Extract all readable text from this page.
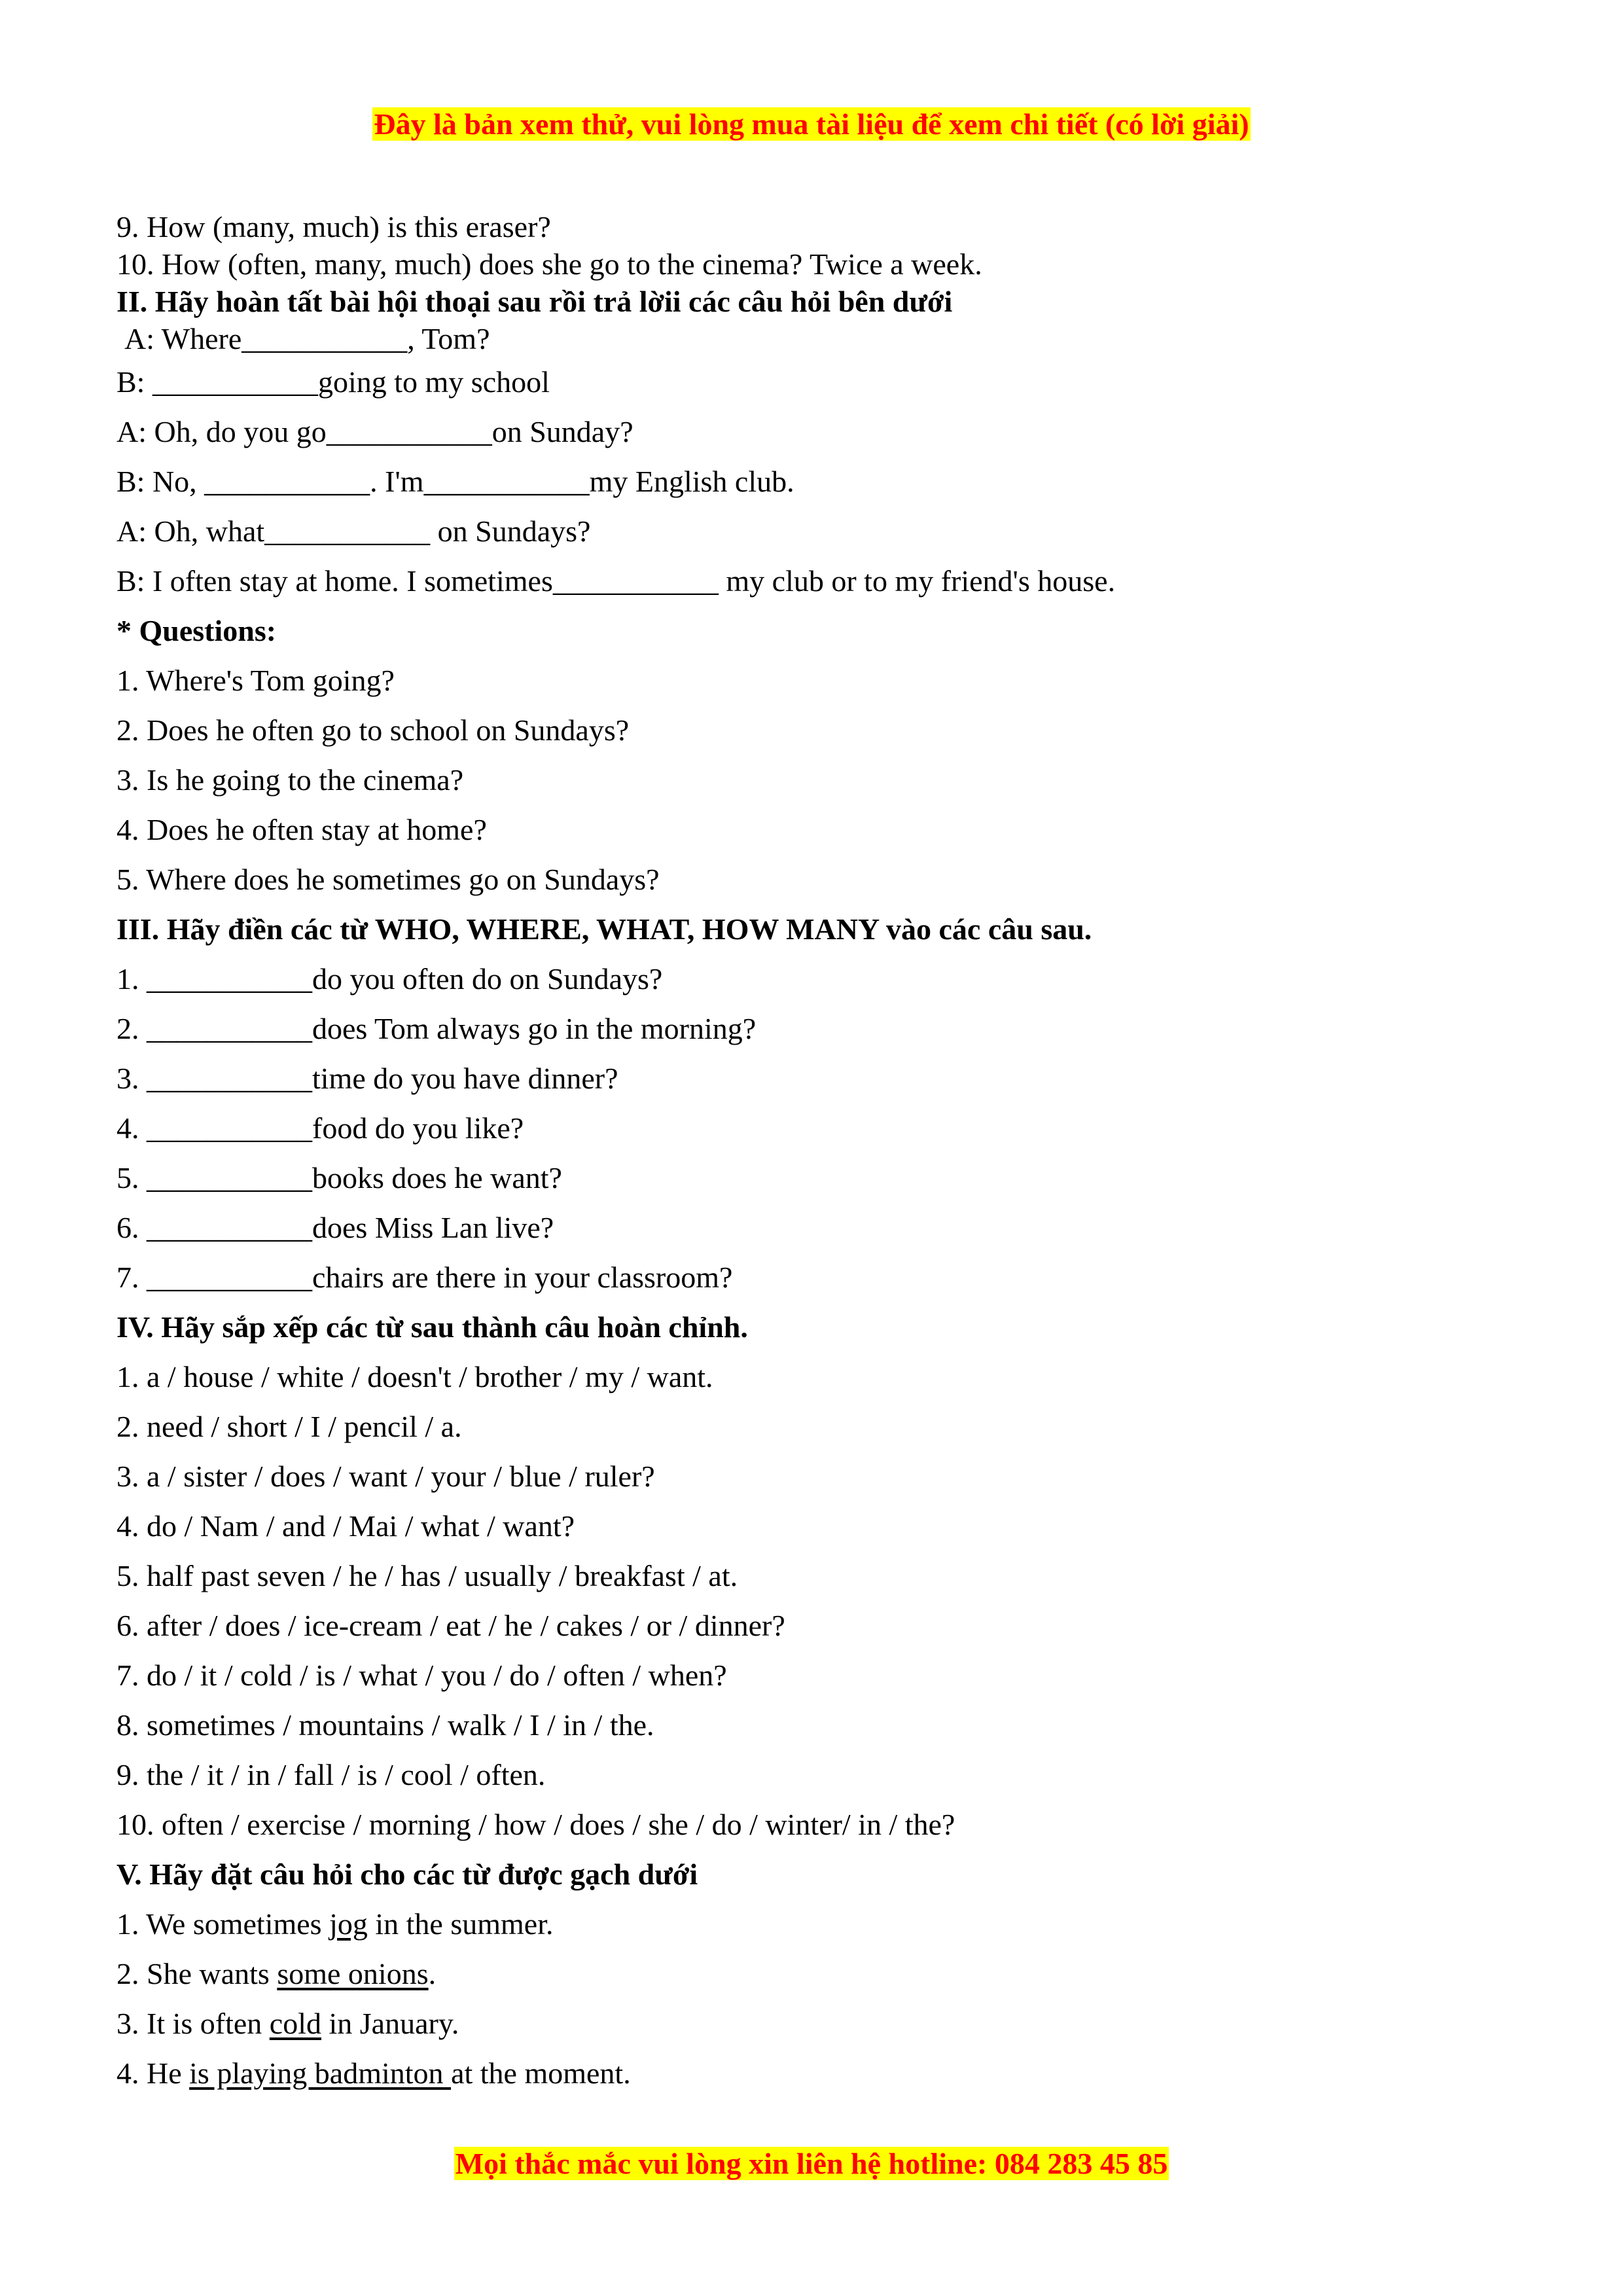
Đây là bản xem thử, vui lòng mua tài liệu để xem chi tiết (có lời giải)
9. How (many, much) is this eraser?
10. How (often, many, much) does she go to the cinema? Twice a week.
II. Hãy hoàn tất bài hội thoại sau rồi trả lờii các câu hỏi bên dưới
A: Where___________, Tom?
B: ___________going to my school
A: Oh, do you go___________on Sunday?
B: No, ___________. I'm___________my English club.
A: Oh, what___________ on Sundays?
B: I often stay at home. I sometimes___________ my club or to my friend's house.
* Questions:
1. Where's Tom going?
2. Does he often go to school on Sundays?
3. Is he going to the cinema?
4. Does he often stay at home?
5. Where does he sometimes go on Sundays?
III. Hãy điền các từ WHO, WHERE, WHAT, HOW MANY vào các câu sau.
1. ___________do you often do on Sundays?
2. ___________does Tom always go in the morning?
3. ___________time do you have dinner?
4. ___________food do you like?
5. ___________books does he want?
6. ___________does Miss Lan live?
7. ___________chairs are there in your classroom?
IV. Hãy sắp xếp các từ sau thành câu hoàn chỉnh.
1. a / house / white / doesn't / brother / my / want.
2. need / short / I / pencil / a.
3. a / sister / does / want / your / blue / ruler?
4. do / Nam / and / Mai / what / want?
5. half past seven / he / has / usually / breakfast / at.
6. after / does / ice-cream / eat / he / cakes / or / dinner?
7. do / it / cold / is / what / you / do / often / when?
8. sometimes / mountains / walk / I / in / the.
9. the / it / in / fall / is / cool / often.
10. often / exercise / morning / how / does / she / do / winter/ in / the?
V. Hãy đặt câu hỏi cho các từ được gạch dưới
1. We sometimes jog in the summer.
2. She wants some onions.
3. It is often cold in January.
4. He is playing badminton at the moment.
Mọi thắc mắc vui lòng xin liên hệ hotline: 084 283 45 85
